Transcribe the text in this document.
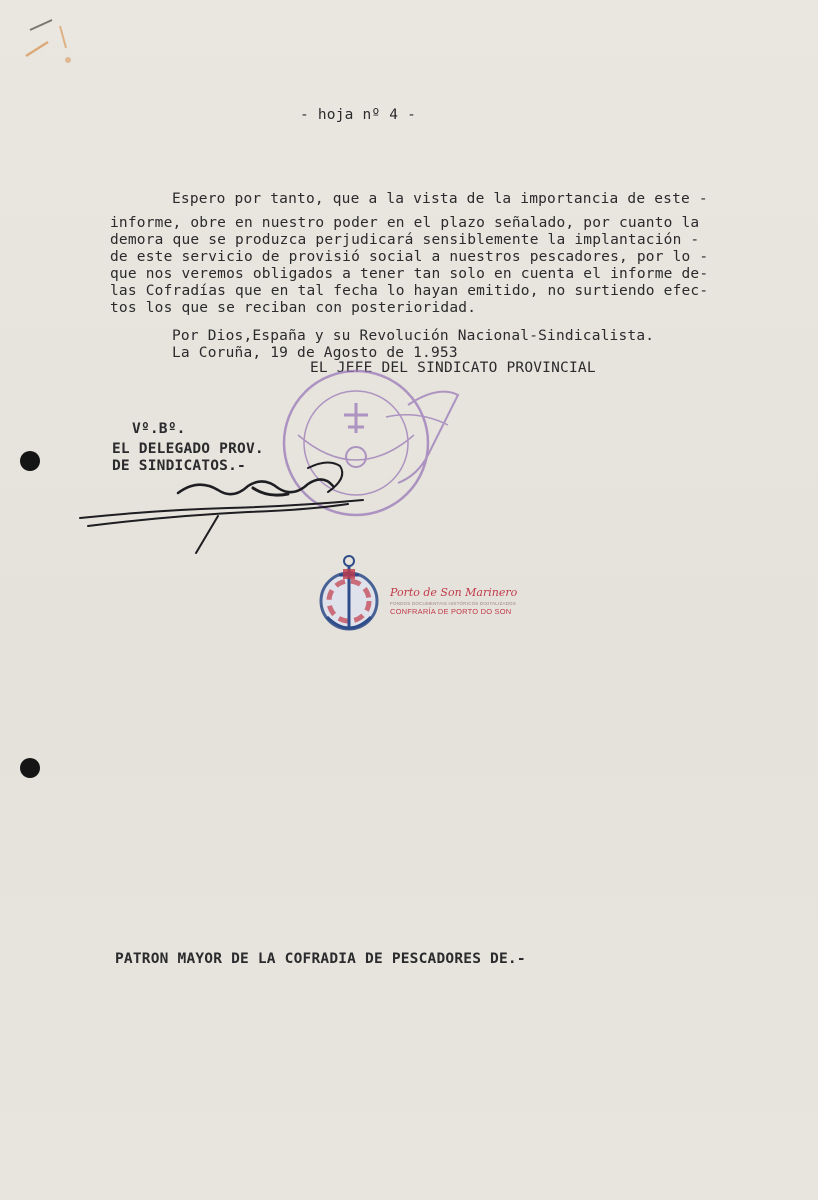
- hoja nº 4 -
Espero por tanto, que a la vista de la importancia de este -
informe, obre en nuestro poder en el plazo señalado, por cuanto la
demora que se produzca perjudicará sensiblemente la implantación -
de este servicio de provisió social a nuestros pescadores, por lo -
que nos veremos obligados a tener tan solo en cuenta el informe de-
las Cofradías que en tal fecha lo hayan emitido, no surtiendo efec-
tos los que se reciban con posterioridad.
Por Dios,España y su Revolución Nacional-Sindicalista.
La Coruña, 19 de Agosto de 1.953
EL JEFE DEL SINDICATO PROVINCIAL
Vº.Bº.
EL DELEGADO PROV.
DE SINDICATOS.-
Porto de Son Marinero
FONDOS DOCUMENTAIS HISTÓRICOS DIXITALIZADOS
CONFRARÍA DE PORTO DO SON
PATRON MAYOR DE LA COFRADIA DE PESCADORES DE.-
